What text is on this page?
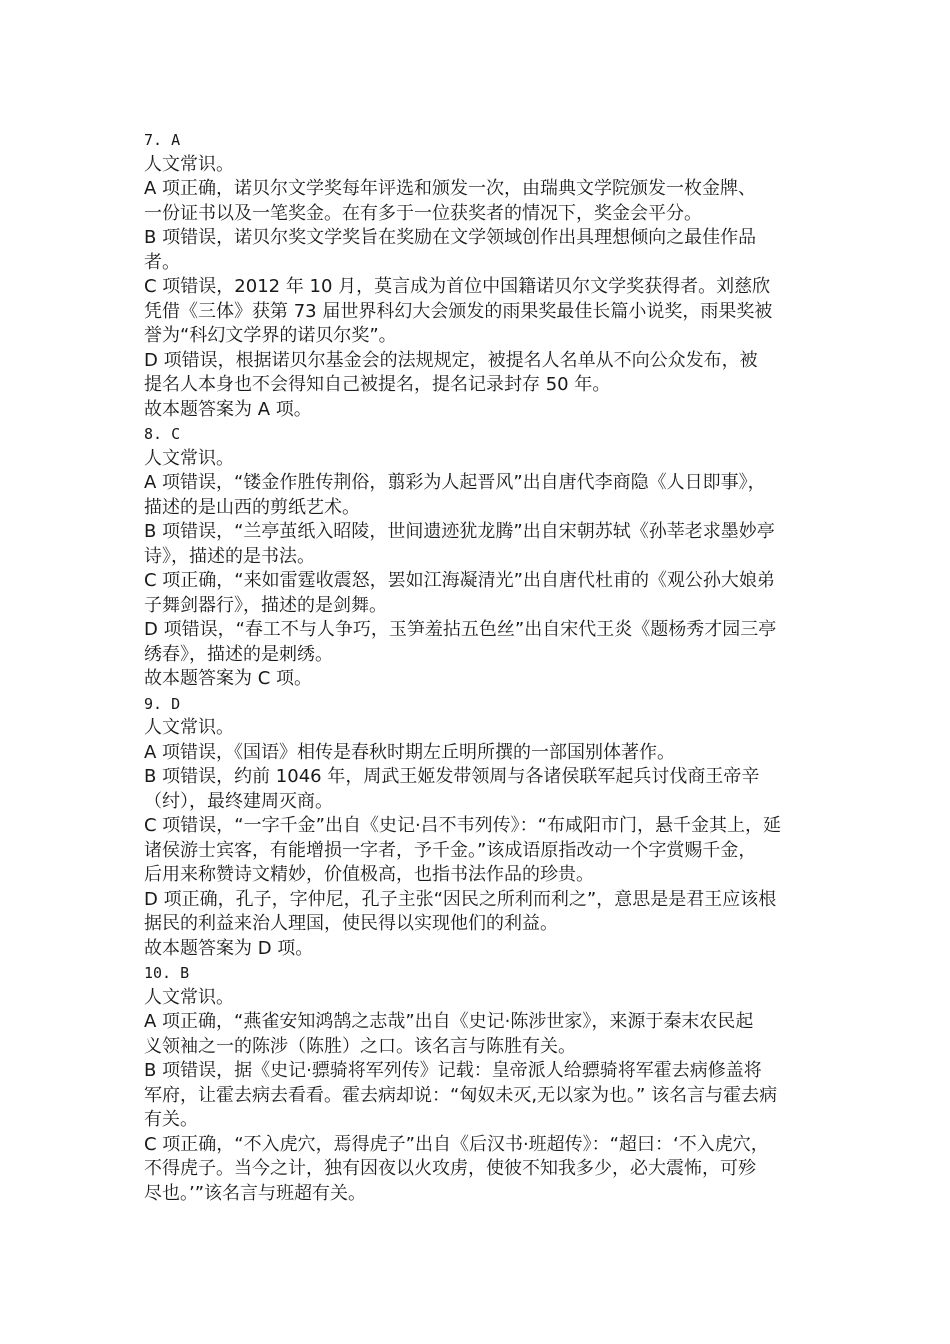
7. A
人文常识。
A 项正确，诺贝尔文学奖每年评选和颁发一次，由瑞典文学院颁发一枚金牌、
一份证书以及一笔奖金。在有多于一位获奖者的情况下，奖金会平分。
B 项错误，诺贝尔奖文学奖旨在奖励在文学领域创作出具理想倾向之最佳作品
者。
C 项错误，2012 年 10 月，莫言成为首位中国籍诺贝尔文学奖获得者。刘慈欣
凭借《三体》获第 73 届世界科幻大会颁发的雨果奖最佳长篇小说奖，雨果奖被
誉为“科幻文学界的诺贝尔奖”。
D 项错误，根据诺贝尔基金会的法规规定，被提名人名单从不向公众发布，被
提名人本身也不会得知自己被提名，提名记录封存 50 年。
故本题答案为 A 项。
8. C
人文常识。
A 项错误，“镂金作胜传荆俗，翦彩为人起晋风”出自唐代李商隐《人日即事》，
描述的是山西的剪纸艺术。
B 项错误，“兰亭茧纸入昭陵，世间遗迹犹龙腾”出自宋朝苏轼《孙莘老求墨妙亭
诗》，描述的是书法。
C 项正确，“来如雷霆收震怒，罢如江海凝清光”出自唐代杜甫的《观公孙大娘弟
子舞剑器行》，描述的是剑舞。
D 项错误，“春工不与人争巧，玉笋羞拈五色丝”出自宋代王炎《题杨秀才园三亭
绣春》，描述的是刺绣。
故本题答案为 C 项。
9. D
人文常识。
A 项错误，《国语》相传是春秋时期左丘明所撰的一部国别体著作。
B 项错误，约前 1046 年，周武王姬发带领周与各诸侯联军起兵讨伐商王帝辛
（纣），最终建周灭商。
C 项错误，“一字千金”出自《史记·吕不韦列传》：“布咸阳市门，悬千金其上，延
诸侯游士宾客，有能增损一字者，予千金。”该成语原指改动一个字赏赐千金，
后用来称赞诗文精妙，价值极高，也指书法作品的珍贵。
D 项正确，孔子，字仲尼，孔子主张“因民之所利而利之”，意思是是君王应该根
据民的利益来治人理国，使民得以实现他们的利益。
故本题答案为 D 项。
10. B
人文常识。
A 项正确，“燕雀安知鸿鹄之志哉”出自《史记·陈涉世家》，来源于秦末农民起
义领袖之一的陈涉（陈胜）之口。该名言与陈胜有关。
B 项错误，据《史记·骠骑将军列传》记载：皇帝派人给骠骑将军霍去病修盖将
军府，让霍去病去看看。霍去病却说：“匈奴未灭,无以家为也。” 该名言与霍去病
有关。
C 项正确，“不入虎穴，焉得虎子”出自《后汉书·班超传》：“超曰：‘不入虎穴，
不得虎子。当今之计，独有因夜以火攻虏，使彼不知我多少，必大震怖，可殄
尽也。’”该名言与班超有关。
